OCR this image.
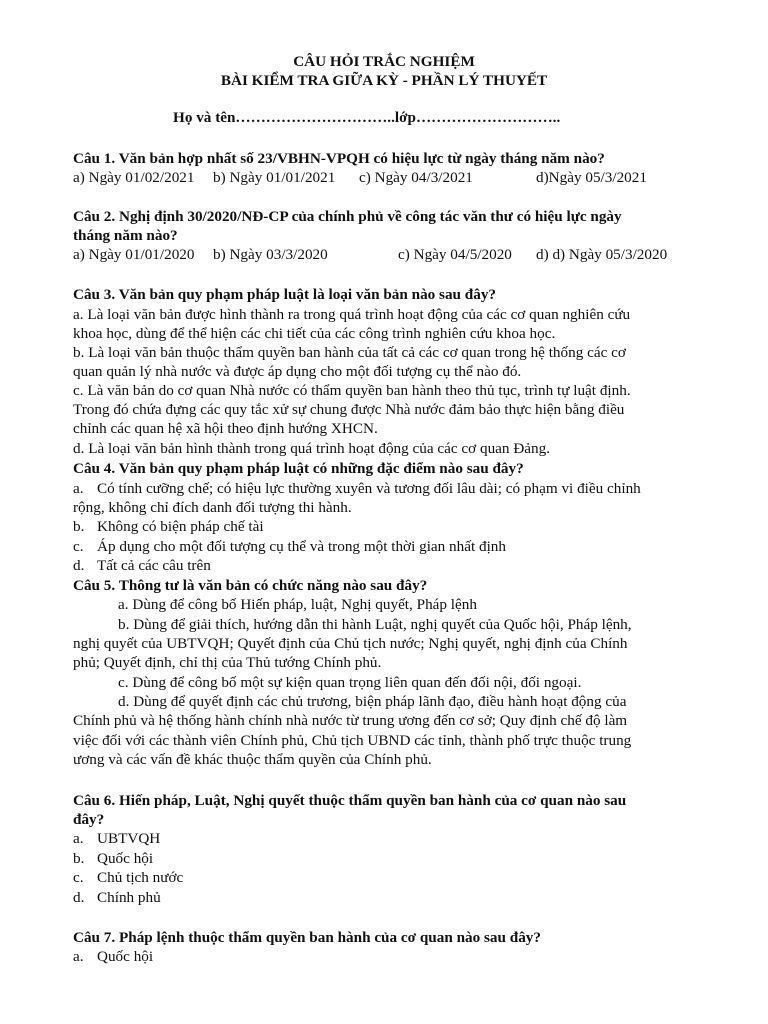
CÂU HỎI TRẮC NGHIỆM
BÀI KIỂM TRA GIỮA KỲ - PHẦN LÝ THUYẾT
Họ và tên…………………………..lớp………………………..
Câu 1. Văn bản hợp nhất số 23/VBHN-VPQH có hiệu lực từ ngày tháng năm nào?
a) Ngày 01/02/2021 b) Ngày 01/01/2021 c) Ngày 04/3/2021	d)Ngày 05/3/2021
Câu 2. Nghị định 30/2020/NĐ-CP của chính phủ về công tác văn thư có hiệu lực ngày
tháng năm nào?
a) Ngày 01/01/2020 b) Ngày 03/3/2020	c) Ngày 04/5/2020 d) d) Ngày 05/3/2020
Câu 3. Văn bản quy phạm pháp luật là loại văn bản nào sau đây?
a. Là loại văn bản được hình thành ra trong quá trình hoạt động của các cơ quan nghiên cứu
khoa học, dùng để thể hiện các chi tiết của các công trình nghiên cứu khoa học.
b. Là loại văn bản thuộc thẩm quyền ban hành của tất cả các cơ quan trong hệ thống các cơ
quan quản lý nhà nước và được áp dụng cho một đối tượng cụ thể nào đó.
c. Là văn bản do cơ quan Nhà nước có thẩm quyền ban hành theo thủ tục, trình tự luật định.
Trong đó chứa đựng các quy tắc xử sự chung được Nhà nước đảm bảo thực hiện bằng điều
chỉnh các quan hệ xã hội theo định hướng XHCN.
d. Là loại văn bản hình thành trong quá trình hoạt động của các cơ quan Đảng.
Câu 4. Văn bản quy phạm pháp luật có những đặc điểm nào sau đây?
a. Có tính cưỡng chế; có hiệu lực thường xuyên và tương đối lâu dài; có phạm vi điều chỉnh
rộng, không chỉ đích danh đối tượng thi hành.
b. Không có biện pháp chế tài
c. Áp dụng cho một đối tượng cụ thể và trong một thời gian nhất định
d. Tất cả các câu trên
Câu 5. Thông tư là văn bản có chức năng nào sau đây?
a. Dùng để công bố Hiến pháp, luật, Nghị quyết, Pháp lệnh
b. Dùng để giải thích, hướng dẫn thi hành Luật, nghị quyết của Quốc hội, Pháp lệnh,
nghị quyết của UBTVQH; Quyết định của Chủ tịch nước; Nghị quyết, nghị định của Chính
phủ; Quyết định, chỉ thị của Thủ tướng Chính phủ.
c. Dùng để công bố một sự kiện quan trọng liên quan đến đối nội, đối ngoại.
d. Dùng để quyết định các chủ trương, biện pháp lãnh đạo, điều hành hoạt động của
Chính phủ và hệ thống hành chính nhà nước từ trung ương đến cơ sở; Quy định chế độ làm
việc đối với các thành viên Chính phủ, Chủ tịch UBND các tỉnh, thành phố trực thuộc trung
ương và các vấn đề khác thuộc thẩm quyền của Chính phủ.
Câu 6. Hiến pháp, Luật, Nghị quyết thuộc thẩm quyền ban hành của cơ quan nào sau
đây?
a. UBTVQH
b. Quốc hội
c. Chủ tịch nước
d. Chính phủ
Câu 7. Pháp lệnh thuộc thẩm quyền ban hành của cơ quan nào sau đây?
a. Quốc hội
